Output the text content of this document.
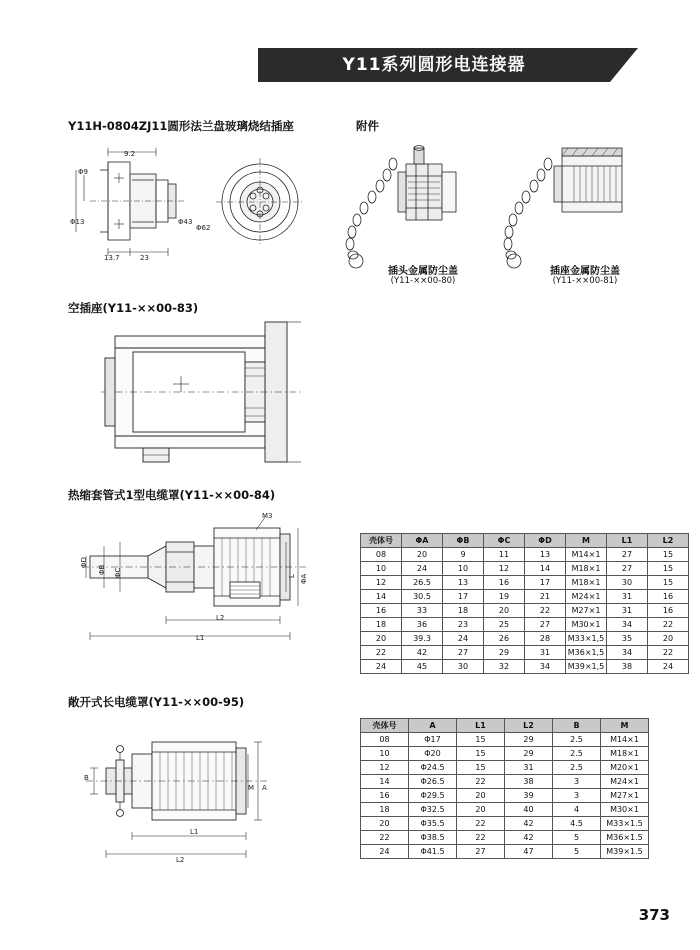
Y11系列圆形电连接器
Y11H-0804ZJ11圆形法兰盘玻璃烧结插座	附件
9.2
Φ9
Φ13	Φ43
Φ62
13.7	23
插头金属防尘盖
(Y11-××00-80)
插座金属防尘盖
(Y11-××00-81)
空插座(Y11-××00-83)
热缩套管式1型电缆罩(Y11-××00-84)
M3
ΦD
ΦB ΦC	L ΦA
L2
L1
敞开式长电缆罩(Y11-××00-95)
B
M A
L1
L2
壳体号	ΦA	ΦB	ΦC	ΦD	M	L1	L2
08	20	9	11	13	M14×1	27	15
10	24	10	12	14	M18×1	27	15
12	26.5	13	16	17	M18×1	30	15
14	30.5	17	19	21	M24×1	31	16
16	33	18	20	22	M27×1	31	16
18	36	23	25	27	M30×1	34	22
20	39.3	24	26	28	M33×1,5	35	20
22	42	27	29	31	M36×1,5	34	22
24	45	30	32	34	M39×1,5	38	24
壳体号	A	L1	L2	B	M
08	Φ17	15	29	2.5	M14×1
10	Φ20	15	29	2.5	M18×1
12	Φ24.5	15	31	2.5	M20×1
14	Φ26.5	22	38	3	M24×1
16	Φ29.5	20	39	3	M27×1
18	Φ32.5	20	40	4	M30×1
20	Φ35.5	22	42	4.5	M33×1.5
22	Φ38.5	22	42	5	M36×1.5
24	Φ41.5	27	47	5	M39×1.5
373
